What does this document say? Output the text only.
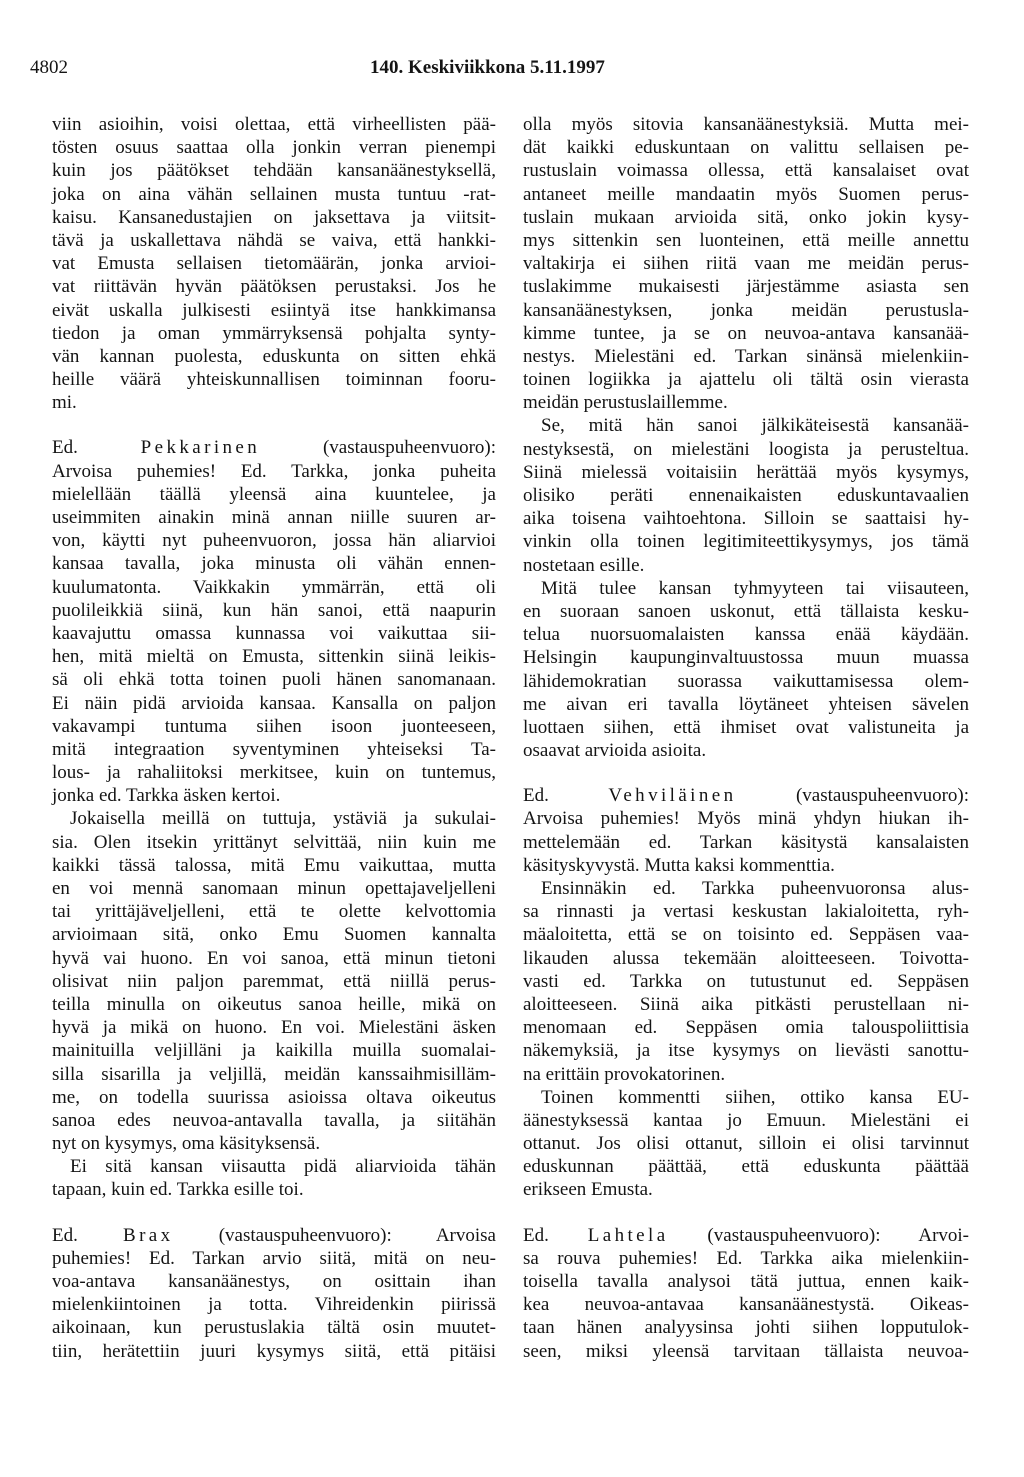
4802	140. Keskiviikkona 5.11.1997
viin asioihin, voisi olettaa, että virheellisten pää-
tösten osuus saattaa olla jonkin verran pienempi
kuin jos päätökset tehdään kansanäänestyksellä,
joka on aina vähän sellainen musta tuntuu -rat-
kaisu. Kansanedustajien on jaksettava ja viitsit-
tävä ja uskallettava nähdä se vaiva, että hankki-
vat Emusta sellaisen tietomäärän, jonka arvioi-
vat riittävän hyvän päätöksen perustaksi. Jos he
eivät uskalla julkisesti esiintyä itse hankkimansa
tiedon ja oman ymmärryksensä pohjalta synty-
vän kannan puolesta, eduskunta on sitten ehkä
heille väärä yhteiskunnallisen toiminnan fooru-
mi.
Ed. Pekkarinen (vastauspuheenvuoro):
Arvoisa puhemies! Ed. Tarkka, jonka puheita
mielellään täällä yleensä aina kuuntelee, ja
useimmiten ainakin minä annan niille suuren ar-
von, käytti nyt puheenvuoron, jossa hän aliarvioi
kansaa tavalla, joka minusta oli vähän ennen-
kuulumatonta. Vaikkakin ymmärrän, että oli
puolileikkiä siinä, kun hän sanoi, että naapurin
kaavajuttu omassa kunnassa voi vaikuttaa sii-
hen, mitä mieltä on Emusta, sittenkin siinä leikis-
sä oli ehkä totta toinen puoli hänen sanomanaan.
Ei näin pidä arvioida kansaa. Kansalla on paljon
vakavampi tuntuma siihen isoon juonteeseen,
mitä integraation syventyminen yhteiseksi Ta-
lous- ja rahaliitoksi merkitsee, kuin on tuntemus,
jonka ed. Tarkka äsken kertoi.
Jokaisella meillä on tuttuja, ystäviä ja sukulai-
sia. Olen itsekin yrittänyt selvittää, niin kuin me
kaikki tässä talossa, mitä Emu vaikuttaa, mutta
en voi mennä sanomaan minun opettajaveljelleni
tai yrittäjäveljelleni, että te olette kelvottomia
arvioimaan sitä, onko Emu Suomen kannalta
hyvä vai huono. En voi sanoa, että minun tietoni
olisivat niin paljon paremmat, että niillä perus-
teilla minulla on oikeutus sanoa heille, mikä on
hyvä ja mikä on huono. En voi. Mielestäni äsken
mainituilla veljilläni ja kaikilla muilla suomalai-
silla sisarilla ja veljillä, meidän kanssaihmisilläm-
me, on todella suurissa asioissa oltava oikeutus
sanoa edes neuvoa-antavalla tavalla, ja siitähän
nyt on kysymys, oma käsityksensä.
Ei sitä kansan viisautta pidä aliarvioida tähän
tapaan, kuin ed. Tarkka esille toi.
Ed. Brax (vastauspuheenvuoro): Arvoisa
puhemies! Ed. Tarkan arvio siitä, mitä on neu-
voa-antava kansanäänestys, on osittain ihan
mielenkiintoinen ja totta. Vihreidenkin piirissä
aikoinaan, kun perustuslakia tältä osin muutet-
tiin, herätettiin juuri kysymys siitä, että pitäisi
olla myös sitovia kansanäänestyksiä. Mutta mei-
dät kaikki eduskuntaan on valittu sellaisen pe-
rustuslain voimassa ollessa, että kansalaiset ovat
antaneet meille mandaatin myös Suomen perus-
tuslain mukaan arvioida sitä, onko jokin kysy-
mys sittenkin sen luonteinen, että meille annettu
valtakirja ei siihen riitä vaan me meidän perus-
tuslakimme mukaisesti järjestämme asiasta sen
kansanäänestyksen, jonka meidän perustusla-
kimme tuntee, ja se on neuvoa-antava kansanää-
nestys. Mielestäni ed. Tarkan sinänsä mielenkiin-
toinen logiikka ja ajattelu oli tältä osin vierasta
meidän perustuslaillemme.
Se, mitä hän sanoi jälkikäteisestä kansanää-
nestyksestä, on mielestäni loogista ja perusteltua.
Siinä mielessä voitaisiin herättää myös kysymys,
olisiko peräti ennenaikaisten eduskuntavaalien
aika toisena vaihtoehtona. Silloin se saattaisi hy-
vinkin olla toinen legitimiteettikysymys, jos tämä
nostetaan esille.
Mitä tulee kansan tyhmyyteen tai viisauteen,
en suoraan sanoen uskonut, että tällaista kesku-
telua nuorsuomalaisten kanssa enää käydään.
Helsingin kaupunginvaltuustossa muun muassa
lähidemokratian suorassa vaikuttamisessa olem-
me aivan eri tavalla löytäneet yhteisen sävelen
luottaen siihen, että ihmiset ovat valistuneita ja
osaavat arvioida asioita.
Ed. Vehviläinen (vastauspuheenvuoro):
Arvoisa puhemies! Myös minä yhdyn hiukan ih-
mettelemään ed. Tarkan käsitystä kansalaisten
käsityskyvystä. Mutta kaksi kommenttia.
Ensinnäkin ed. Tarkka puheenvuoronsa alus-
sa rinnasti ja vertasi keskustan lakialoitetta, ryh-
mäaloitetta, että se on toisinto ed. Seppäsen vaa-
likauden alussa tekemään aloitteeseen. Toivotta-
vasti ed. Tarkka on tutustunut ed. Seppäsen
aloitteeseen. Siinä aika pitkästi perustellaan ni-
menomaan ed. Seppäsen omia talouspoliittisia
näkemyksiä, ja itse kysymys on lievästi sanottu-
na erittäin provokatorinen.
Toinen kommentti siihen, ottiko kansa EU-
äänestyksessä kantaa jo Emuun. Mielestäni ei
ottanut. Jos olisi ottanut, silloin ei olisi tarvinnut
eduskunnan päättää, että eduskunta päättää
erikseen Emusta.
Ed. Lahtela (vastauspuheenvuoro): Arvoi-
sa rouva puhemies! Ed. Tarkka aika mielenkiin-
toisella tavalla analysoi tätä juttua, ennen kaik-
kea neuvoa-antavaa kansanäänestystä. Oikeas-
taan hänen analyysinsa johti siihen lopputulok-
seen, miksi yleensä tarvitaan tällaista neuvoa-
